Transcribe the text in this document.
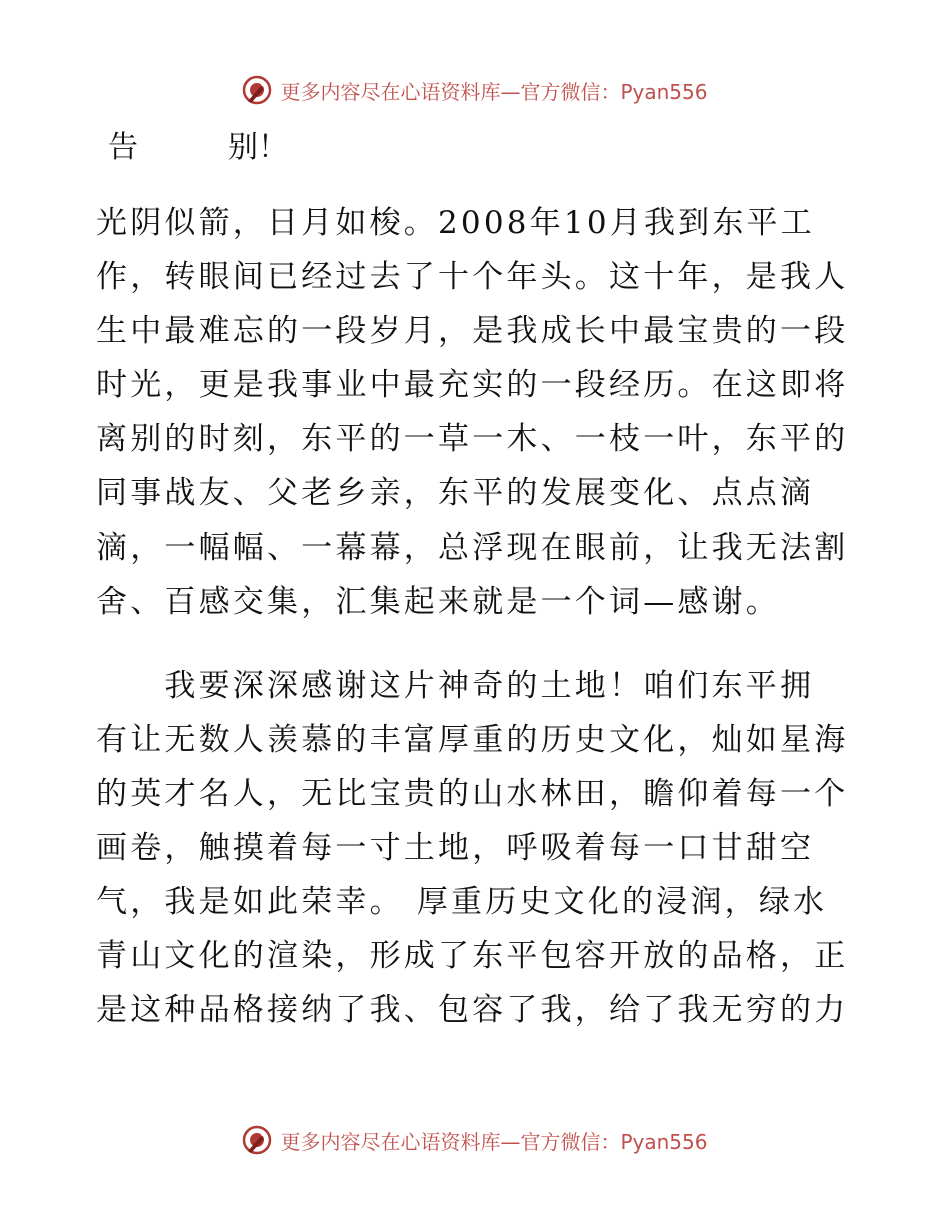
更多内容尽在心语资料库—官方微信：Pyan556
告　　　别！
光阴似箭，日月如梭。2008年10月我到东平工
作，转眼间已经过去了十个年头。这十年，是我人
生中最难忘的一段岁月，是我成长中最宝贵的一段
时光，更是我事业中最充实的一段经历。在这即将
离别的时刻，东平的一草一木、一枝一叶，东平的
同事战友、父老乡亲，东平的发展变化、点点滴
滴，一幅幅、一幕幕，总浮现在眼前，让我无法割
舍、百感交集，汇集起来就是一个词—感谢。
　　我要深深感谢这片神奇的土地！咱们东平拥
有让无数人羡慕的丰富厚重的历史文化，灿如星海
的英才名人，无比宝贵的山水林田，瞻仰着每一个
画卷，触摸着每一寸土地，呼吸着每一口甘甜空
气，我是如此荣幸。 厚重历史文化的浸润，绿水
青山文化的渲染，形成了东平包容开放的品格，正
是这种品格接纳了我、包容了我，给了我无穷的力
更多内容尽在心语资料库—官方微信：Pyan556
